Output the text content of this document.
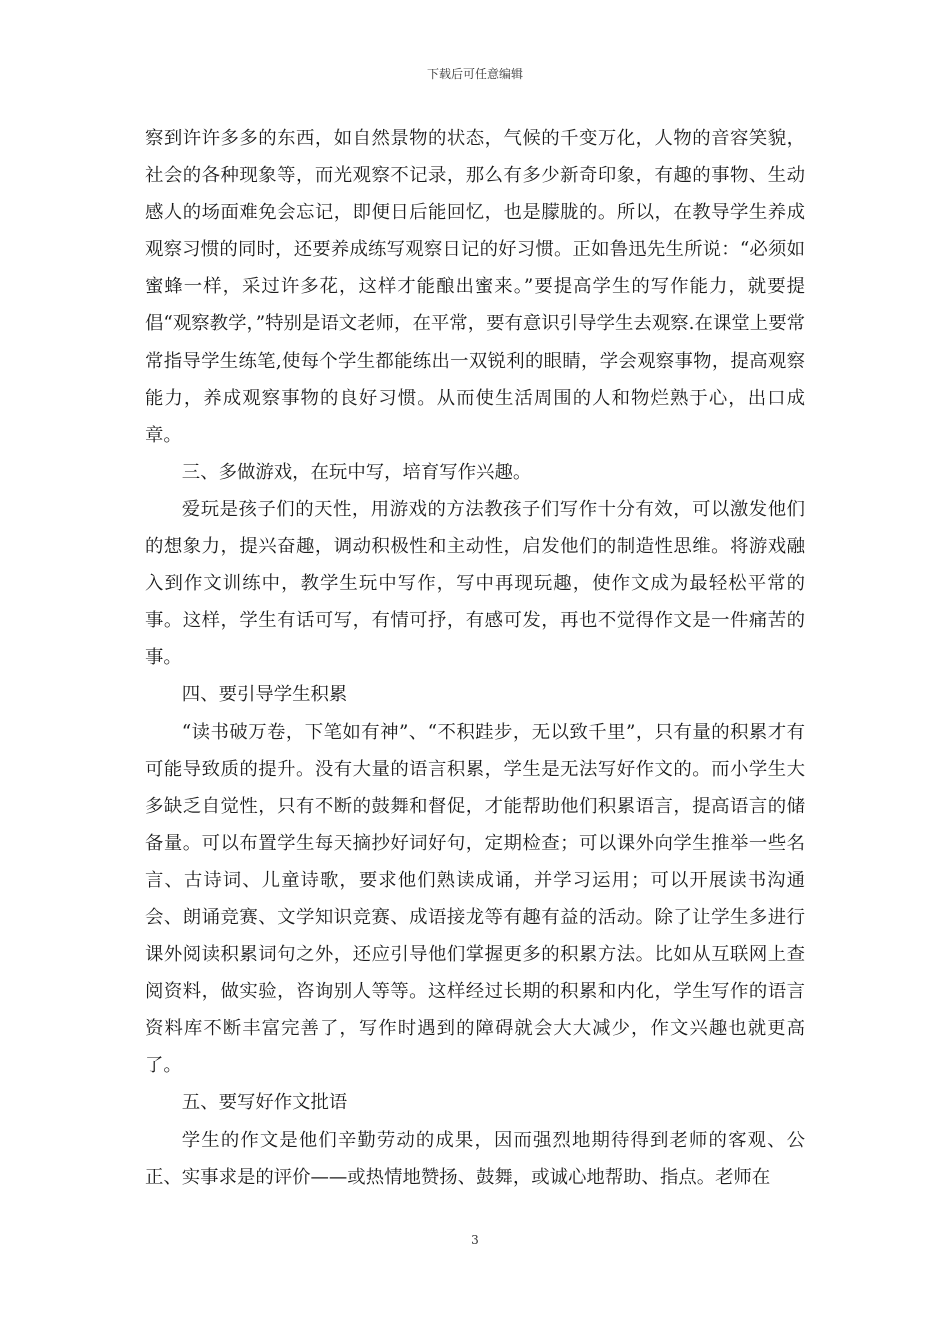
下载后可任意编辑

察到许许多多的东西，如自然景物的状态，气候的千变万化，人物的音容笑貌，社会的各种现象等，而光观察不记录，那么有多少新奇印象，有趣的事物、生动感人的场面难免会忘记，即便日后能回忆，也是朦胧的。所以，在教导学生养成观察习惯的同时，还要养成练写观察日记的好习惯。正如鲁迅先生所说：“必须如蜜蜂一样，采过许多花，这样才能酿出蜜来。”要提高学生的写作能力，就要提倡“观察教学，”特别是语文老师，在平常，要有意识引导学生去观察.在课堂上要常常指导学生练笔,使每个学生都能练出一双锐利的眼睛，学会观察事物，提高观察能力，养成观察事物的良好习惯。从而使生活周围的人和物烂熟于心，出口成章。

三、多做游戏，在玩中写，培育写作兴趣。

爱玩是孩子们的天性，用游戏的方法教孩子们写作十分有效，可以激发他们的想象力，提兴奋趣，调动积极性和主动性，启发他们的制造性思维。将游戏融入到作文训练中，教学生玩中写作，写中再现玩趣，使作文成为最轻松平常的事。这样，学生有话可写，有情可抒，有感可发，再也不觉得作文是一件痛苦的事。

四、要引导学生积累

“读书破万卷，下笔如有神”、“不积跬步，无以致千里”，只有量的积累才有可能导致质的提升。没有大量的语言积累，学生是无法写好作文的。而小学生大多缺乏自觉性，只有不断的鼓舞和督促，才能帮助他们积累语言，提高语言的储备量。可以布置学生每天摘抄好词好句，定期检查；可以课外向学生推举一些名言、古诗词、儿童诗歌，要求他们熟读成诵，并学习运用；可以开展读书沟通会、朗诵竞赛、文学知识竞赛、成语接龙等有趣有益的活动。除了让学生多进行课外阅读积累词句之外，还应引导他们掌握更多的积累方法。比如从互联网上查阅资料，做实验，咨询别人等等。这样经过长期的积累和内化，学生写作的语言资料库不断丰富完善了，写作时遇到的障碍就会大大减少，作文兴趣也就更高了。

五、要写好作文批语

学生的作文是他们辛勤劳动的成果，因而强烈地期待得到老师的客观、公正、实事求是的评价——或热情地赞扬、鼓舞，或诚心地帮助、指点。老师在

3
